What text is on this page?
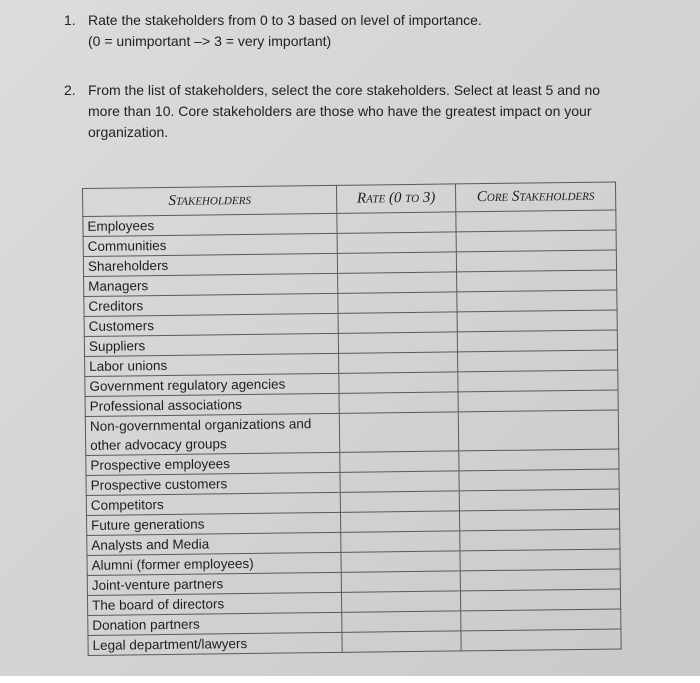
1. Rate the stakeholders from 0 to 3 based on level of importance.
(0 = unimportant –> 3 = very important)
2. From the list of stakeholders, select the core stakeholders. Select at least 5 and no more than 10. Core stakeholders are those who have the greatest impact on your organization.
Stakeholders	Rate (0 to 3)	Core Stakeholders
Employees		
Communities		
Shareholders		
Managers		
Creditors		
Customers		
Suppliers		
Labor unions		
Government regulatory agencies		
Professional associations		
Non-governmental organizations and other advocacy groups		
Prospective employees		
Prospective customers		
Competitors		
Future generations		
Analysts and Media		
Alumni (former employees)		
Joint-venture partners		
The board of directors		
Donation partners		
Legal department/lawyers		
